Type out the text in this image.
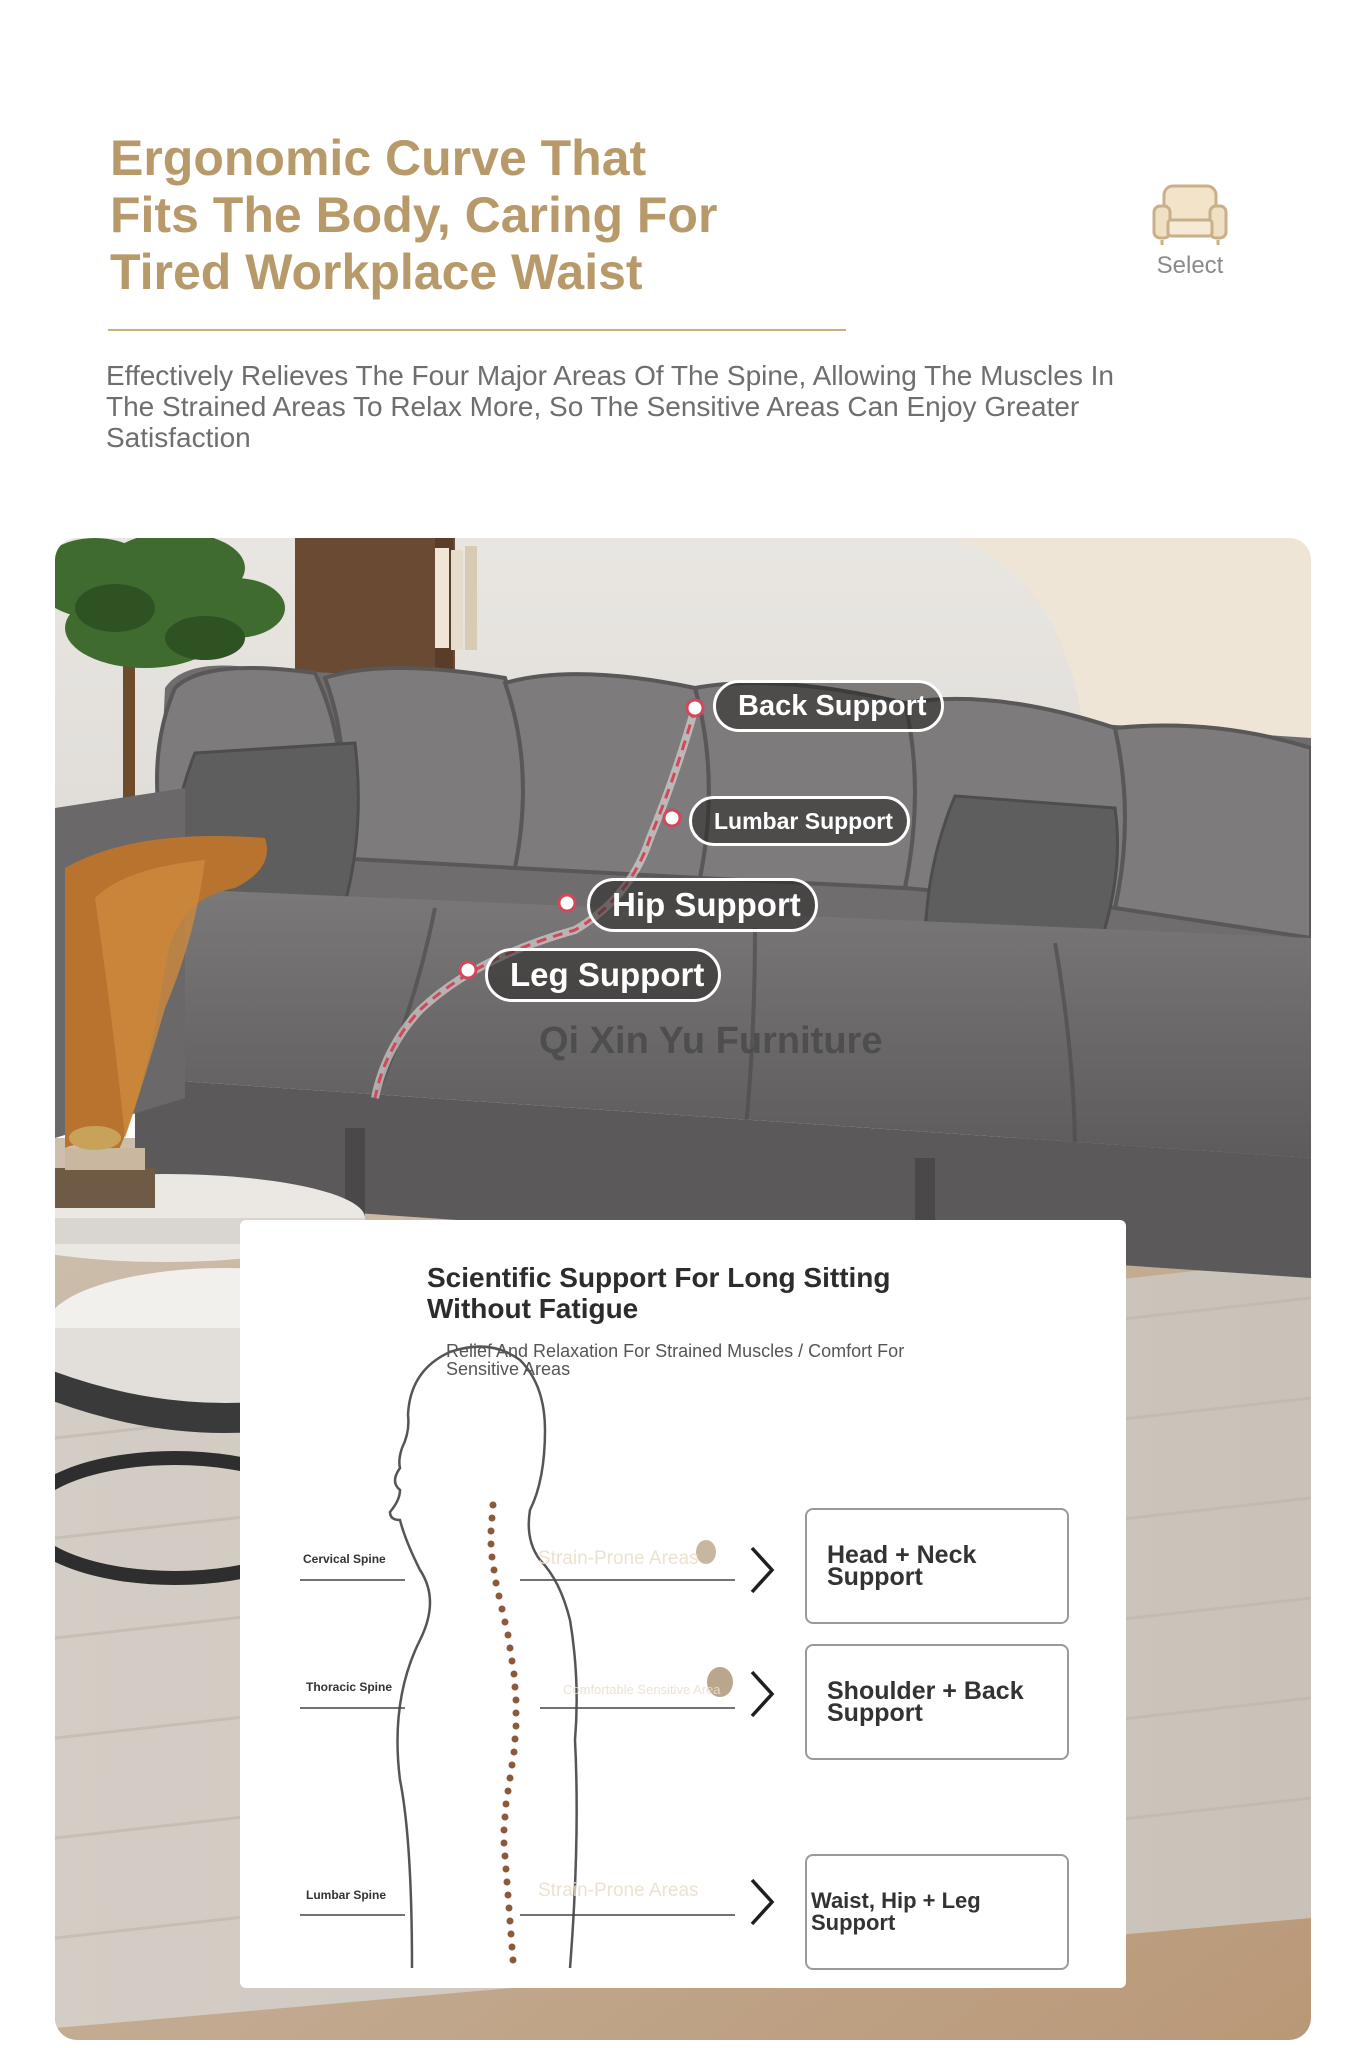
Ergonomic Curve That
Fits The Body, Caring For
Tired Workplace Waist

Effectively Relieves The Four Major Areas Of The Spine, Allowing The Muscles In The Strained Areas To Relax More, So The Sensitive Areas Can Enjoy Greater Satisfaction

Select
Back Support
Lumbar Support
Hip Support
Leg Support
Qi Xin Yu Furniture
Scientific Support For Long Sitting Without Fatigue

Relief And Relaxation For Strained Muscles / Comfort For Sensitive Areas

Cervical Spine
Thoracic Spine
Lumbar Spine
Strain-Prone Areas
Comfortable Sensitive Area
Strain-Prone Areas
Head + Neck Support
Shoulder + Back Support
Waist, Hip + Leg Support
